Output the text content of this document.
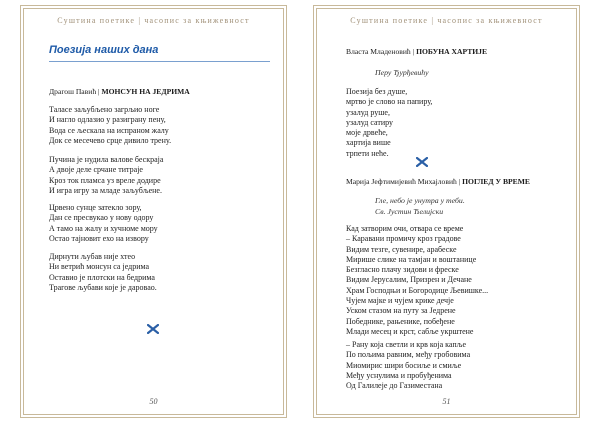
Суштина поетике | часопис за књижевност
Поезија наших дана
Драгош Павић | МОНСУН НА ЈЕДРИМА
Таласе заљубљено загрљио ноге
И нагло одлазио у разиграну пену,
Вода се љескала на испраном жалу
Док се месечево срце дивило трену.
Пучина је нудила валове бескраја
А двоје деле срчане титраје
Кроз ток пламса уз вреле додире
И игра игру за младе заљубљене.
Црвено сунце затекло зору,
Дан се пресвукао у нову одору
А тамо на жалу и хучноме мору
Остао тајновит ехо на извору
Дирнути љубав није хтео
Ни ветрић монсун са једрима
Оставио је плотски на бедрима
Трагове љубави које је даровао.
50
Суштина поетике | часопис за књижевност
Власта Младеновић | ПОБУНА ХАРТИЈЕ
Перу Ђурђевићу
Поезија без душе,
мртво је слово на папиру,
узалуд руше,
узалуд сатиру
моје дрвеће,
хартија више
трпети неће.
Марија Јефтимијевић Михајловић | ПОГЛЕД У ВРЕМЕ
Гле, небо је унутра у теби.
Св. Јустин Ћелијски
Кад затворим очи, отвара се време
– Каравани промичу кроз градове
Видим тезге, сувенире, арабеске
Мирише слике на тамјан и воштанице
Безгласно плачу зидови и фреске
Видим Јерусалим, Призрен и Дечане
Храм Господњи и Богородице Љевишке...
Чујем мајке и чујем крике дечје
Уском стазом на путу за Једрене
Победнике, рањенике, побеђене
Млади месец и крст, сабље укрштене
– Рану која светли и крв која капље
По пољима равним, међу гробовима
Миомирис шири босиље и смиље
Међу уснулима и пробуђенима
Од Галилеје до Газиместана
51
